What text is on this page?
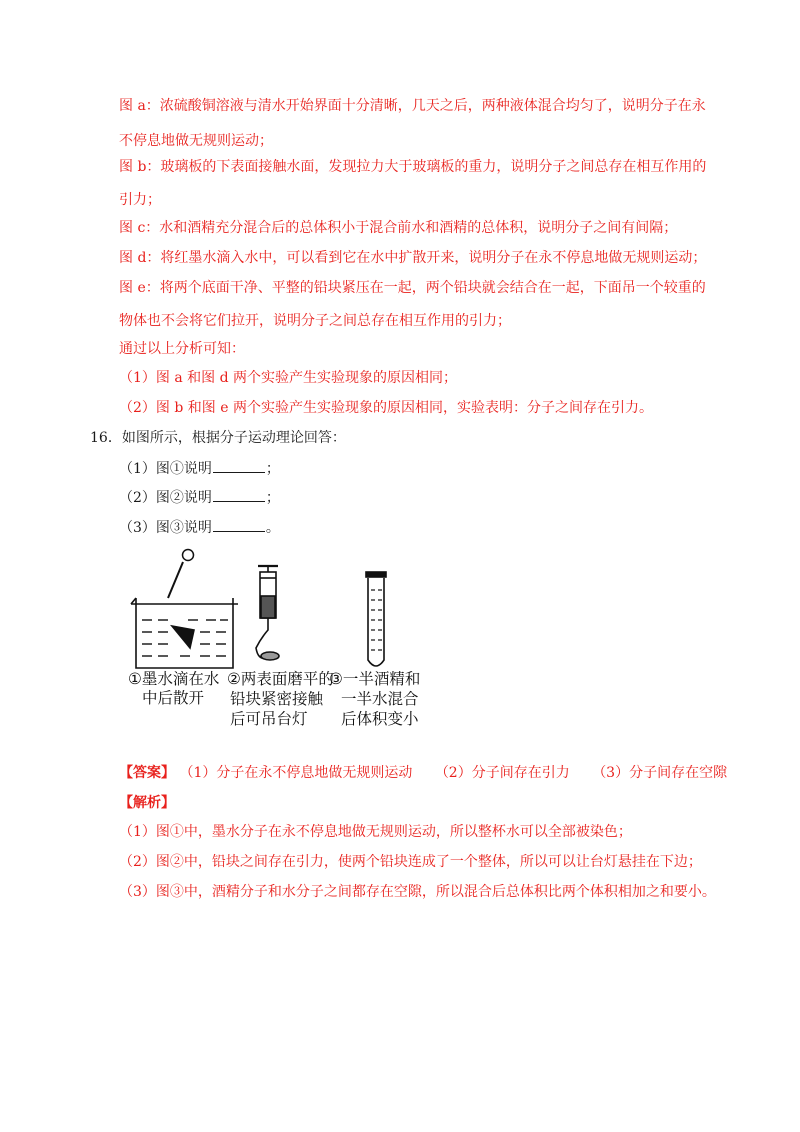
图 a：浓硫酸铜溶液与清水开始界面十分清晰，几天之后，两种液体混合均匀了，说明分子在永
不停息地做无规则运动；
图 b：玻璃板的下表面接触水面，发现拉力大于玻璃板的重力，说明分子之间总存在相互作用的
引力；
图 c：水和酒精充分混合后的总体积小于混合前水和酒精的总体积，说明分子之间有间隔；
图 d：将红墨水滴入水中，可以看到它在水中扩散开来，说明分子在永不停息地做无规则运动；
图 e：将两个底面干净、平整的铅块紧压在一起，两个铅块就会结合在一起，下面吊一个较重的
物体也不会将它们拉开，说明分子之间总存在相互作用的引力；
通过以上分析可知：
（1）图 a 和图 d 两个实验产生实验现象的原因相同；
（2）图 b 和图 e 两个实验产生实验现象的原因相同，实验表明：分子之间存在引力。
16．如图所示，根据分子运动理论回答：
（1）图①说明	；
（2）图②说明	；
（3）图③说明	。
①墨水滴在水
中后散开
②两表面磨平的
铅块紧密接触
后可吊台灯
③一半酒精和
一半水混合
后体积变小
【答案】 （1）分子在永不停息地做无规则运动 （2）分子间存在引力 （3）分子间存在空隙
【解析】
（1）图①中，墨水分子在永不停息地做无规则运动，所以整杯水可以全部被染色；
（2）图②中，铅块之间存在引力，使两个铅块连成了一个整体，所以可以让台灯悬挂在下边；
（3）图③中，酒精分子和水分子之间都存在空隙，所以混合后总体积比两个体积相加之和要小。
